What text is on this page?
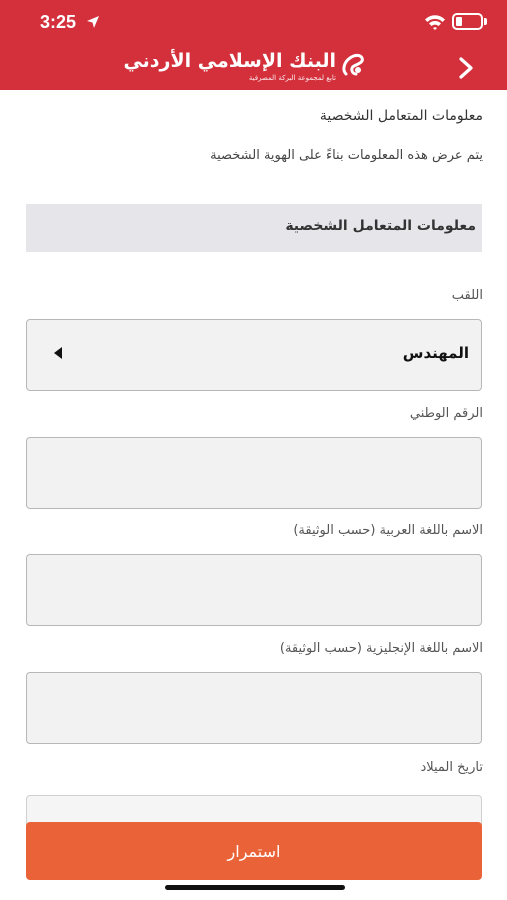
3:25
البنك الإسلامي الأردني
تابع لمجموعة البركة المصرفية
معلومات المتعامل الشخصية
يتم عرض هذه المعلومات بناءً على الهوية الشخصية
معلومات المتعامل الشخصية
اللقب
المهندس
الرقم الوطني
الاسم باللغة العربية (حسب الوثيقة)
الاسم باللغة الإنجليزية (حسب الوثيقة)
تاريخ الميلاد
استمرار
